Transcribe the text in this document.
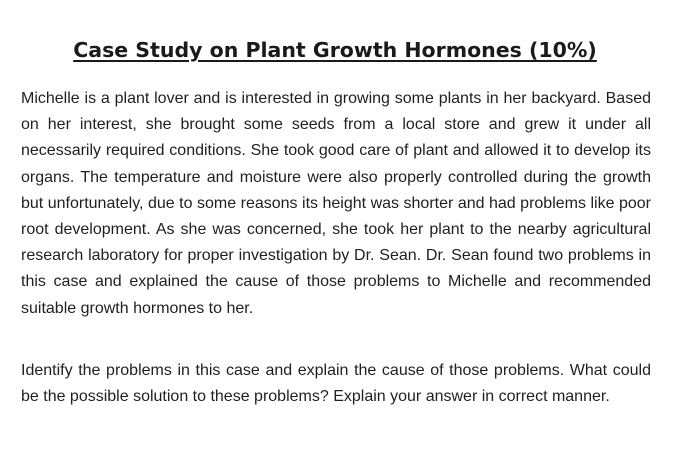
Case Study on Plant Growth Hormones (10%)

Michelle is a plant lover and is interested in growing some plants in her backyard. Based on her interest, she brought some seeds from a local store and grew it under all necessarily required conditions. She took good care of plant and allowed it to develop its organs. The temperature and moisture were also properly controlled during the growth but unfortunately, due to some reasons its height was shorter and had problems like poor root development. As she was concerned, she took her plant to the nearby agricultural research laboratory for proper investigation by Dr. Sean. Dr. Sean found two problems in this case and explained the cause of those problems to Michelle and recommended suitable growth hormones to her.

Identify the problems in this case and explain the cause of those problems. What could be the possible solution to these problems? Explain your answer in correct manner.
